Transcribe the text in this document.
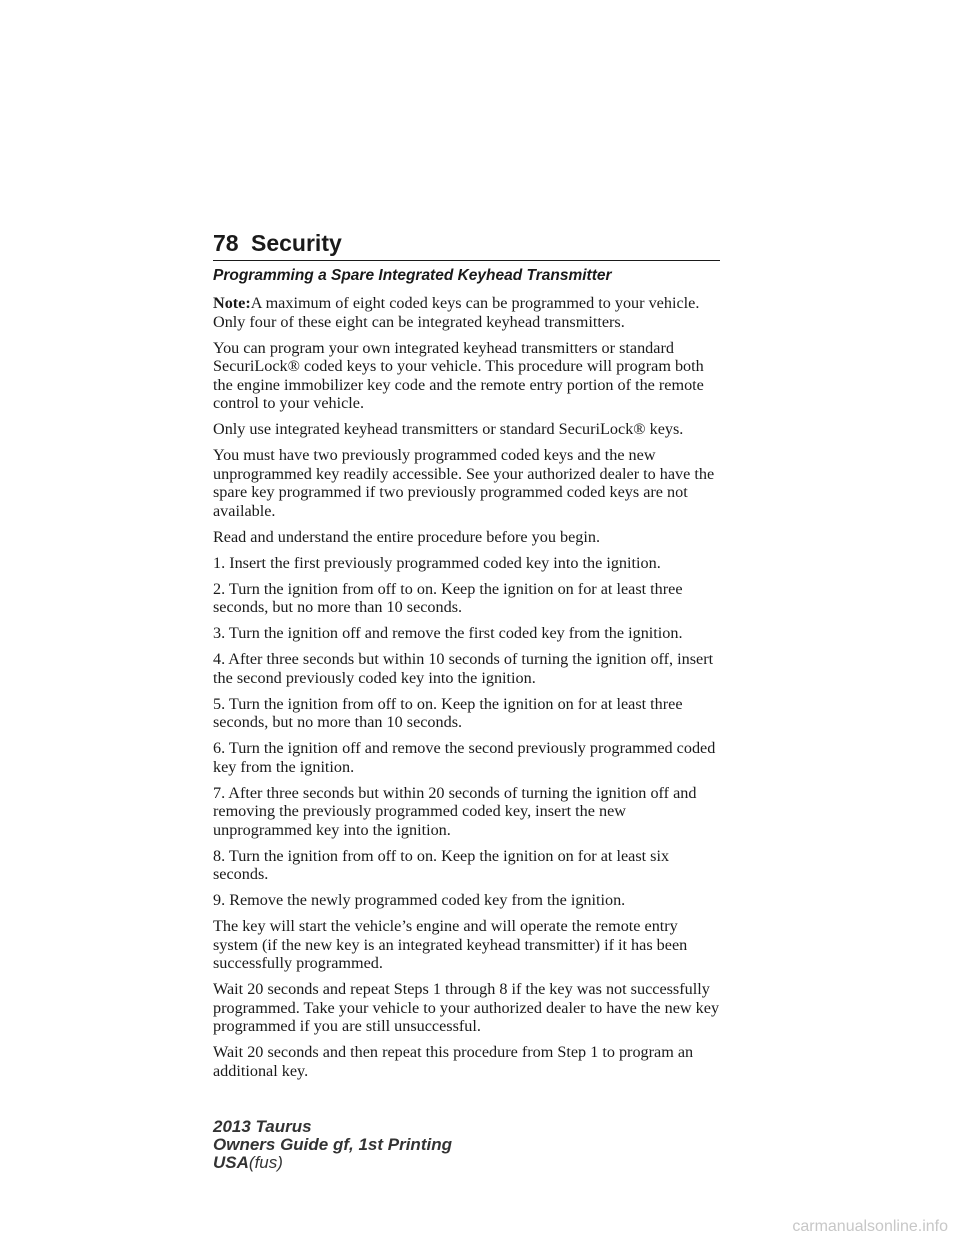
78 Security
Programming a Spare Integrated Keyhead Transmitter

Note:A maximum of eight coded keys can be programmed to your vehicle. Only four of these eight can be integrated keyhead transmitters.

You can program your own integrated keyhead transmitters or standard SecuriLock® coded keys to your vehicle. This procedure will program both the engine immobilizer key code and the remote entry portion of the remote control to your vehicle.

Only use integrated keyhead transmitters or standard SecuriLock® keys.

You must have two previously programmed coded keys and the new unprogrammed key readily accessible. See your authorized dealer to have the spare key programmed if two previously programmed coded keys are not available.

Read and understand the entire procedure before you begin.

1. Insert the first previously programmed coded key into the ignition.

2. Turn the ignition from off to on. Keep the ignition on for at least three seconds, but no more than 10 seconds.

3. Turn the ignition off and remove the first coded key from the ignition.

4. After three seconds but within 10 seconds of turning the ignition off, insert the second previously coded key into the ignition.

5. Turn the ignition from off to on. Keep the ignition on for at least three seconds, but no more than 10 seconds.

6. Turn the ignition off and remove the second previously programmed coded key from the ignition.

7. After three seconds but within 20 seconds of turning the ignition off and removing the previously programmed coded key, insert the new unprogrammed key into the ignition.

8. Turn the ignition from off to on. Keep the ignition on for at least six seconds.

9. Remove the newly programmed coded key from the ignition.

The key will start the vehicle’s engine and will operate the remote entry system (if the new key is an integrated keyhead transmitter) if it has been successfully programmed.

Wait 20 seconds and repeat Steps 1 through 8 if the key was not successfully programmed. Take your vehicle to your authorized dealer to have the new key programmed if you are still unsuccessful.

Wait 20 seconds and then repeat this procedure from Step 1 to program an additional key.

2013 Taurus
Owners Guide gf, 1st Printing
USA(fus)
carmanualsonline.info
